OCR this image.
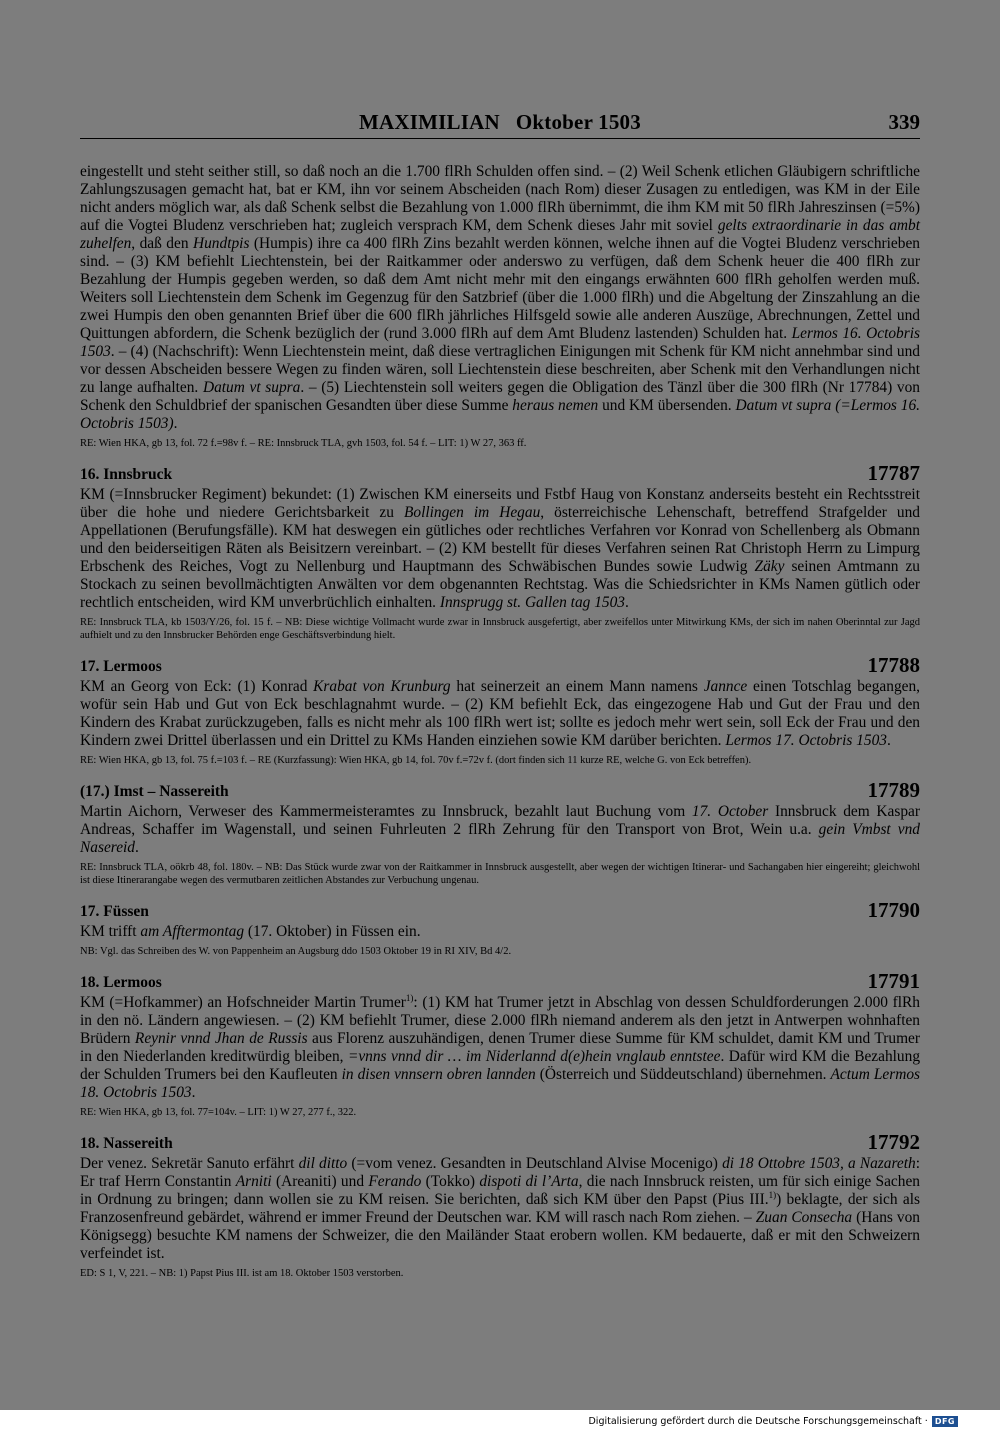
MAXIMILIAN Oktober 1503	339

eingestellt und steht seither still, so daß noch an die 1.700 flRh Schulden offen sind. – (2) Weil Schenk etlichen Gläubigern schriftliche Zahlungszusagen gemacht hat, bat er KM, ihn vor seinem Abscheiden (nach Rom) dieser Zusagen zu entledigen, was KM in der Eile nicht anders möglich war, als daß Schenk selbst die Bezahlung von 1.000 flRh übernimmt, die ihm KM mit 50 flRh Jahreszinsen (=5%) auf die Vogtei Bludenz verschrieben hat; zugleich versprach KM, dem Schenk dieses Jahr mit soviel gelts extraordinarie in das ambt zuhelfen, daß den Hundtpis (Humpis) ihre ca 400 flRh Zins bezahlt werden können, welche ihnen auf die Vogtei Bludenz verschrieben sind. – (3) KM befiehlt Liechtenstein, bei der Raitkammer oder anderswo zu verfügen, daß dem Schenk heuer die 400 flRh zur Bezahlung der Humpis gegeben werden, so daß dem Amt nicht mehr mit den eingangs erwähnten 600 flRh geholfen werden muß. Weiters soll Liechtenstein dem Schenk im Gegenzug für den Satzbrief (über die 1.000 flRh) und die Abgeltung der Zinszahlung an die zwei Humpis den oben genannten Brief über die 600 flRh jährliches Hilfsgeld sowie alle anderen Auszüge, Abrechnungen, Zettel und Quittungen abfordern, die Schenk bezüglich der (rund 3.000 flRh auf dem Amt Bludenz lastenden) Schulden hat. Lermos 16. Octobris 1503. – (4) (Nachschrift): Wenn Liechtenstein meint, daß diese vertraglichen Einigungen mit Schenk für KM nicht annehmbar sind und vor dessen Abscheiden bessere Wegen zu finden wären, soll Liechtenstein diese beschreiten, aber Schenk mit den Verhandlungen nicht zu lange aufhalten. Datum vt supra. – (5) Liechtenstein soll weiters gegen die Obligation des Tänzl über die 300 flRh (Nr 17784) von Schenk den Schuldbrief der spanischen Gesandten über diese Summe heraus nemen und KM übersenden. Datum vt supra (=Lermos 16. Octobris 1503).

RE: Wien HKA, gb 13, fol. 72 f.=98v f. – RE: Innsbruck TLA, gvh 1503, fol. 54 f. – LIT: 1) W 27, 363 ff.

16. Innsbruck	17787

KM (=Innsbrucker Regiment) bekundet: (1) Zwischen KM einerseits und Fstbf Haug von Konstanz anderseits besteht ein Rechtsstreit über die hohe und niedere Gerichtsbarkeit zu Bollingen im Hegau, österreichische Lehenschaft, betreffend Strafgelder und Appellationen (Berufungsfälle). KM hat deswegen ein gütliches oder rechtliches Verfahren vor Konrad von Schellenberg als Obmann und den beiderseitigen Räten als Beisitzern vereinbart. – (2) KM bestellt für dieses Verfahren seinen Rat Christoph Herrn zu Limpurg Erbschenk des Reiches, Vogt zu Nellenburg und Hauptmann des Schwäbischen Bundes sowie Ludwig Zäky seinen Amtmann zu Stockach zu seinen bevollmächtigten Anwälten vor dem obgenannten Rechtstag. Was die Schiedsrichter in KMs Namen gütlich oder rechtlich entscheiden, wird KM unverbrüchlich einhalten. Innsprugg st. Gallen tag 1503.

RE: Innsbruck TLA, kb 1503/Y/26, fol. 15 f. – NB: Diese wichtige Vollmacht wurde zwar in Innsbruck ausgefertigt, aber zweifellos unter Mitwirkung KMs, der sich im nahen Oberinntal zur Jagd aufhielt und zu den Innsbrucker Behörden enge Geschäftsverbindung hielt.

17. Lermoos	17788

KM an Georg von Eck: (1) Konrad Krabat von Krunburg hat seinerzeit an einem Mann namens Jannce einen Totschlag begangen, wofür sein Hab und Gut von Eck beschlagnahmt wurde. – (2) KM befiehlt Eck, das eingezogene Hab und Gut der Frau und den Kindern des Krabat zurückzugeben, falls es nicht mehr als 100 flRh wert ist; sollte es jedoch mehr wert sein, soll Eck der Frau und den Kindern zwei Drittel überlassen und ein Drittel zu KMs Handen einziehen sowie KM darüber berichten. Lermos 17. Octobris 1503.

RE: Wien HKA, gb 13, fol. 75 f.=103 f. – RE (Kurzfassung): Wien HKA, gb 14, fol. 70v f.=72v f. (dort finden sich 11 kurze RE, welche G. von Eck betreffen).

(17.) Imst – Nassereith	17789

Martin Aichorn, Verweser des Kammermeisteramtes zu Innsbruck, bezahlt laut Buchung vom 17. October Innsbruck dem Kaspar Andreas, Schaffer im Wagenstall, und seinen Fuhrleuten 2 flRh Zehrung für den Transport von Brot, Wein u.a. gein Vmbst vnd Nasereid.

RE: Innsbruck TLA, oökrb 48, fol. 180v. – NB: Das Stück wurde zwar von der Raitkammer in Innsbruck ausgestellt, aber wegen der wichtigen Itinerar- und Sachangaben hier eingereiht; gleichwohl ist diese Itinerarangabe wegen des vermutbaren zeitlichen Abstandes zur Verbuchung ungenau.

17. Füssen	17790

KM trifft am Afftermontag (17. Oktober) in Füssen ein.

NB: Vgl. das Schreiben des W. von Pappenheim an Augsburg ddo 1503 Oktober 19 in RI XIV, Bd 4/2.

18. Lermoos	17791

KM (=Hofkammer) an Hofschneider Martin Trumer$^{1)}$: (1) KM hat Trumer jetzt in Abschlag von dessen Schuldforderungen 2.000 flRh in den nö. Ländern angewiesen. – (2) KM befiehlt Trumer, diese 2.000 flRh niemand anderem als den jetzt in Antwerpen wohnhaften Brüdern Reynir vnnd Jhan de Russis aus Florenz auszuhändigen, denen Trumer diese Summe für KM schuldet, damit KM und Trumer in den Niederlanden kreditwürdig bleiben, =vnns vnnd dir … im Niderlannd d(e)hein vnglaub enntstee. Dafür wird KM die Bezahlung der Schulden Trumers bei den Kaufleuten in disen vnnsern obren lannden (Österreich und Süddeutschland) übernehmen. Actum Lermos 18. Octobris 1503.

RE: Wien HKA, gb 13, fol. 77=104v. – LIT: 1) W 27, 277 f., 322.

18. Nassereith	17792

Der venez. Sekretär Sanuto erfährt dil ditto (=vom venez. Gesandten in Deutschland Alvise Mocenigo) di 18 Ottobre 1503, a Nazareth: Er traf Herrn Constantin Arniti (Areaniti) und Ferando (Tokko) dispoti di l’Arta, die nach Innsbruck reisten, um für sich einige Sachen in Ordnung zu bringen; dann wollen sie zu KM reisen. Sie berichten, daß sich KM über den Papst (Pius III.$^{1)}$) beklagte, der sich als Franzosenfreund gebärdet, während er immer Freund der Deutschen war. KM will rasch nach Rom ziehen. – Zuan Consecha (Hans von Königsegg) besuchte KM namens der Schweizer, die den Mailänder Staat erobern wollen. KM bedauerte, daß er mit den Schweizern verfeindet ist.

ED: S 1, V, 221. – NB: 1) Papst Pius III. ist am 18. Oktober 1503 verstorben.

Digitalisierung gefördert durch die Deutsche Forschungsgemeinschaft · DFG
